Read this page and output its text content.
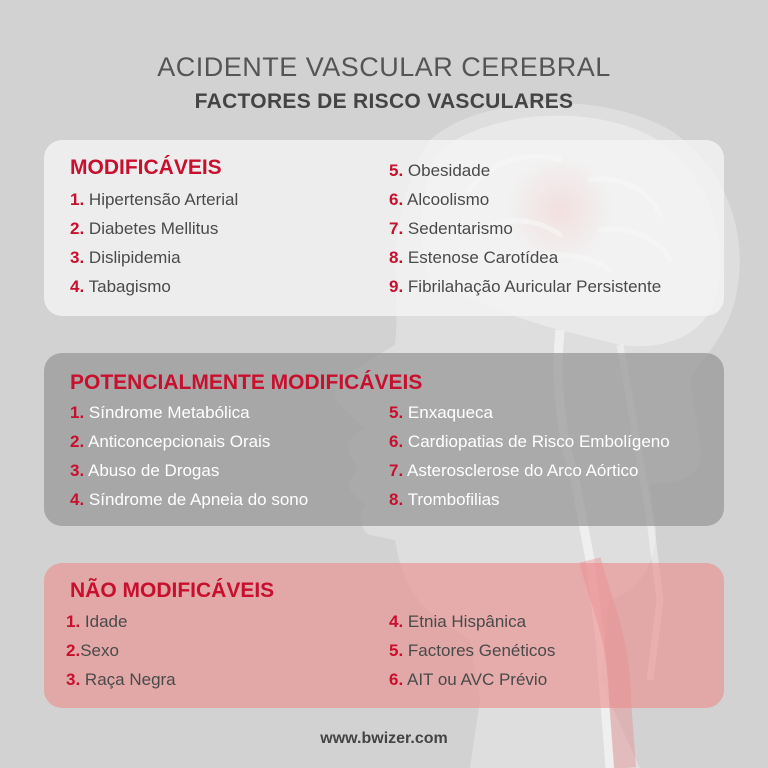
ACIDENTE VASCULAR CEREBRAL
FACTORES DE RISCO VASCULARES
MODIFICÁVEIS
1. Hipertensão Arterial
2. Diabetes Mellitus
3. Dislipidemia
4. Tabagismo
5. Obesidade
6. Alcoolismo
7. Sedentarismo
8. Estenose Carotídea
9. Fibrilahação Auricular Persistente
POTENCIALMENTE MODIFICÁVEIS
1. Síndrome Metabólica
2. Anticoncepcionais Orais
3. Abuso de Drogas
4. Síndrome de Apneia do sono
5. Enxaqueca
6. Cardiopatias de Risco Embolígeno
7. Asterosclerose do Arco Aórtico
8. Trombofilias
NÃO MODIFICÁVEIS
1. Idade
2.Sexo
3. Raça Negra
4. Etnia Hispânica
5. Factores Genéticos
6. AIT ou AVC Prévio
www.bwizer.com
